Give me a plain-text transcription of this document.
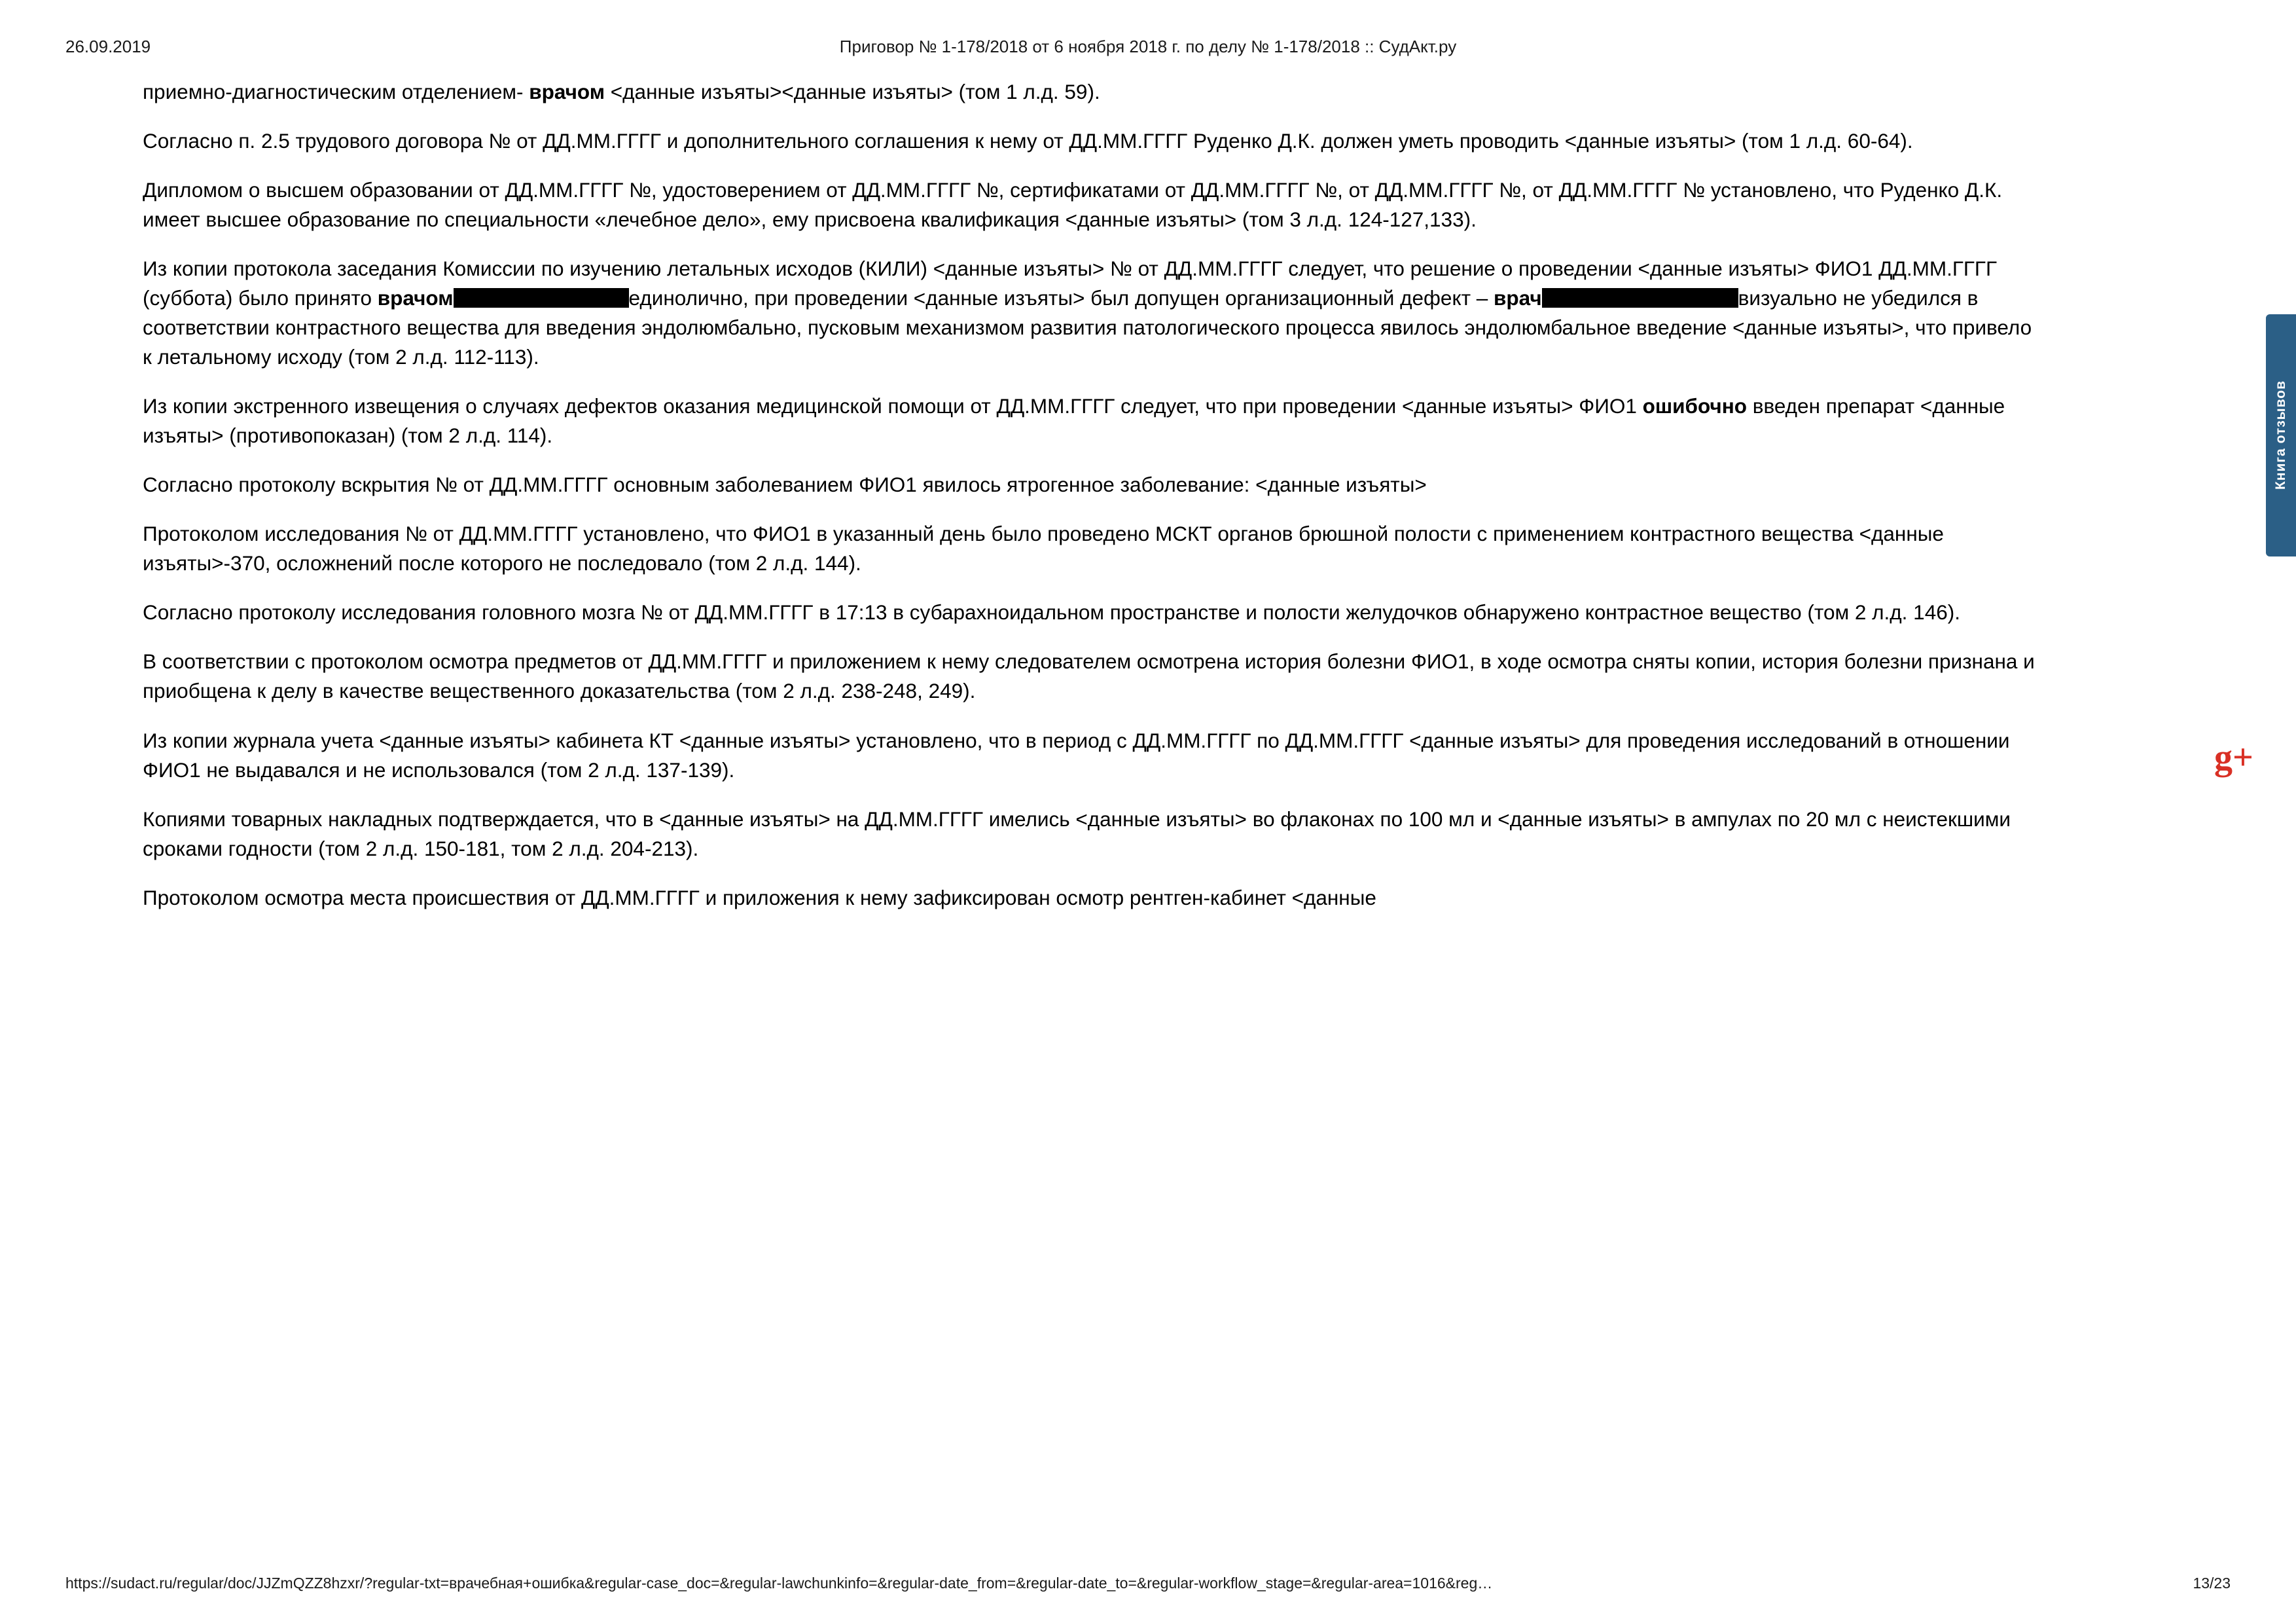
26.09.2019	Приговор № 1-178/2018 от 6 ноября 2018 г. по делу № 1-178/2018 :: СудАкт.ру
приемно-диагностическим отделением- врачом <данные изъяты><данные изъяты> (том 1 л.д. 59).
Согласно п. 2.5 трудового договора № от ДД.ММ.ГГГГ и дополнительного соглашения к нему от ДД.ММ.ГГГГ Руденко Д.К. должен уметь проводить <данные изъяты> (том 1 л.д. 60-64).
Дипломом о высшем образовании от ДД.ММ.ГГГГ №, удостоверением от ДД.ММ.ГГГГ №, сертификатами от ДД.ММ.ГГГГ №, от ДД.ММ.ГГГГ №, от ДД.ММ.ГГГГ № установлено, что Руденко Д.К. имеет высшее образование по специальности «лечебное дело», ему присвоена квалификация <данные изъяты> (том 3 л.д. 124-127,133).
Из копии протокола заседания Комиссии по изучению летальных исходов (КИЛИ) <данные изъяты> № от ДД.ММ.ГГГГ следует, что решение о проведении <данные изъяты> ФИО1 ДД.ММ.ГГГГ (суббота) было принято врачом	единолично, при проведении <данные изъяты> был допущен организационный дефект – врач	визуально не убедился в соответствии контрастного вещества для введения эндолюмбально, пусковым механизмом развития патологического процесса явилось эндолюмбальное введение <данные изъяты>, что привело к летальному исходу (том 2 л.д. 112-113).
Из копии экстренного извещения о случаях дефектов оказания медицинской помощи от ДД.ММ.ГГГГ следует, что при проведении <данные изъяты> ФИО1 ошибочно введен препарат <данные изъяты> (противопоказан) (том 2 л.д. 114).
Согласно протоколу вскрытия № от ДД.ММ.ГГГГ основным заболеванием ФИО1 явилось ятрогенное заболевание: <данные изъяты>
Протоколом исследования № от ДД.ММ.ГГГГ установлено, что ФИО1 в указанный день было проведено МСКТ органов брюшной полости с применением контрастного вещества <данные изъяты>-370, осложнений после которого не последовало (том 2 л.д. 144).
Согласно протоколу исследования головного мозга № от ДД.ММ.ГГГГ в 17:13 в субарахноидальном пространстве и полости желудочков обнаружено контрастное вещество (том 2 л.д. 146).
В соответствии с протоколом осмотра предметов от ДД.ММ.ГГГГ и приложением к нему следователем осмотрена история болезни ФИО1, в ходе осмотра сняты копии, история болезни признана и приобщена к делу в качестве вещественного доказательства (том 2 л.д. 238-248, 249).
Из копии журнала учета <данные изъяты> кабинета КТ <данные изъяты> установлено, что в период с ДД.ММ.ГГГГ по ДД.ММ.ГГГГ <данные изъяты> для проведения исследований в отношении ФИО1 не выдавался и не использовался (том 2 л.д. 137-139).
Копиями товарных накладных подтверждается, что в <данные изъяты> на ДД.ММ.ГГГГ имелись <данные изъяты> во флаконах по 100 мл и <данные изъяты> в ампулах по 20 мл с неистекшими сроками годности (том 2 л.д. 150-181, том 2 л.д. 204-213).
Протоколом осмотра места происшествия от ДД.ММ.ГГГГ и приложения к нему зафиксирован осмотр рентген-кабинет <данные
Книга отзывов
g+
https://sudact.ru/regular/doc/JJZmQZZ8hzxr/?regular-txt=врачебная+ошибка&regular-case_doc=&regular-lawchunkinfo=&regular-date_from=&regular-date_to=&regular-workflow_stage=&regular-area=1016&reg…	13/23
